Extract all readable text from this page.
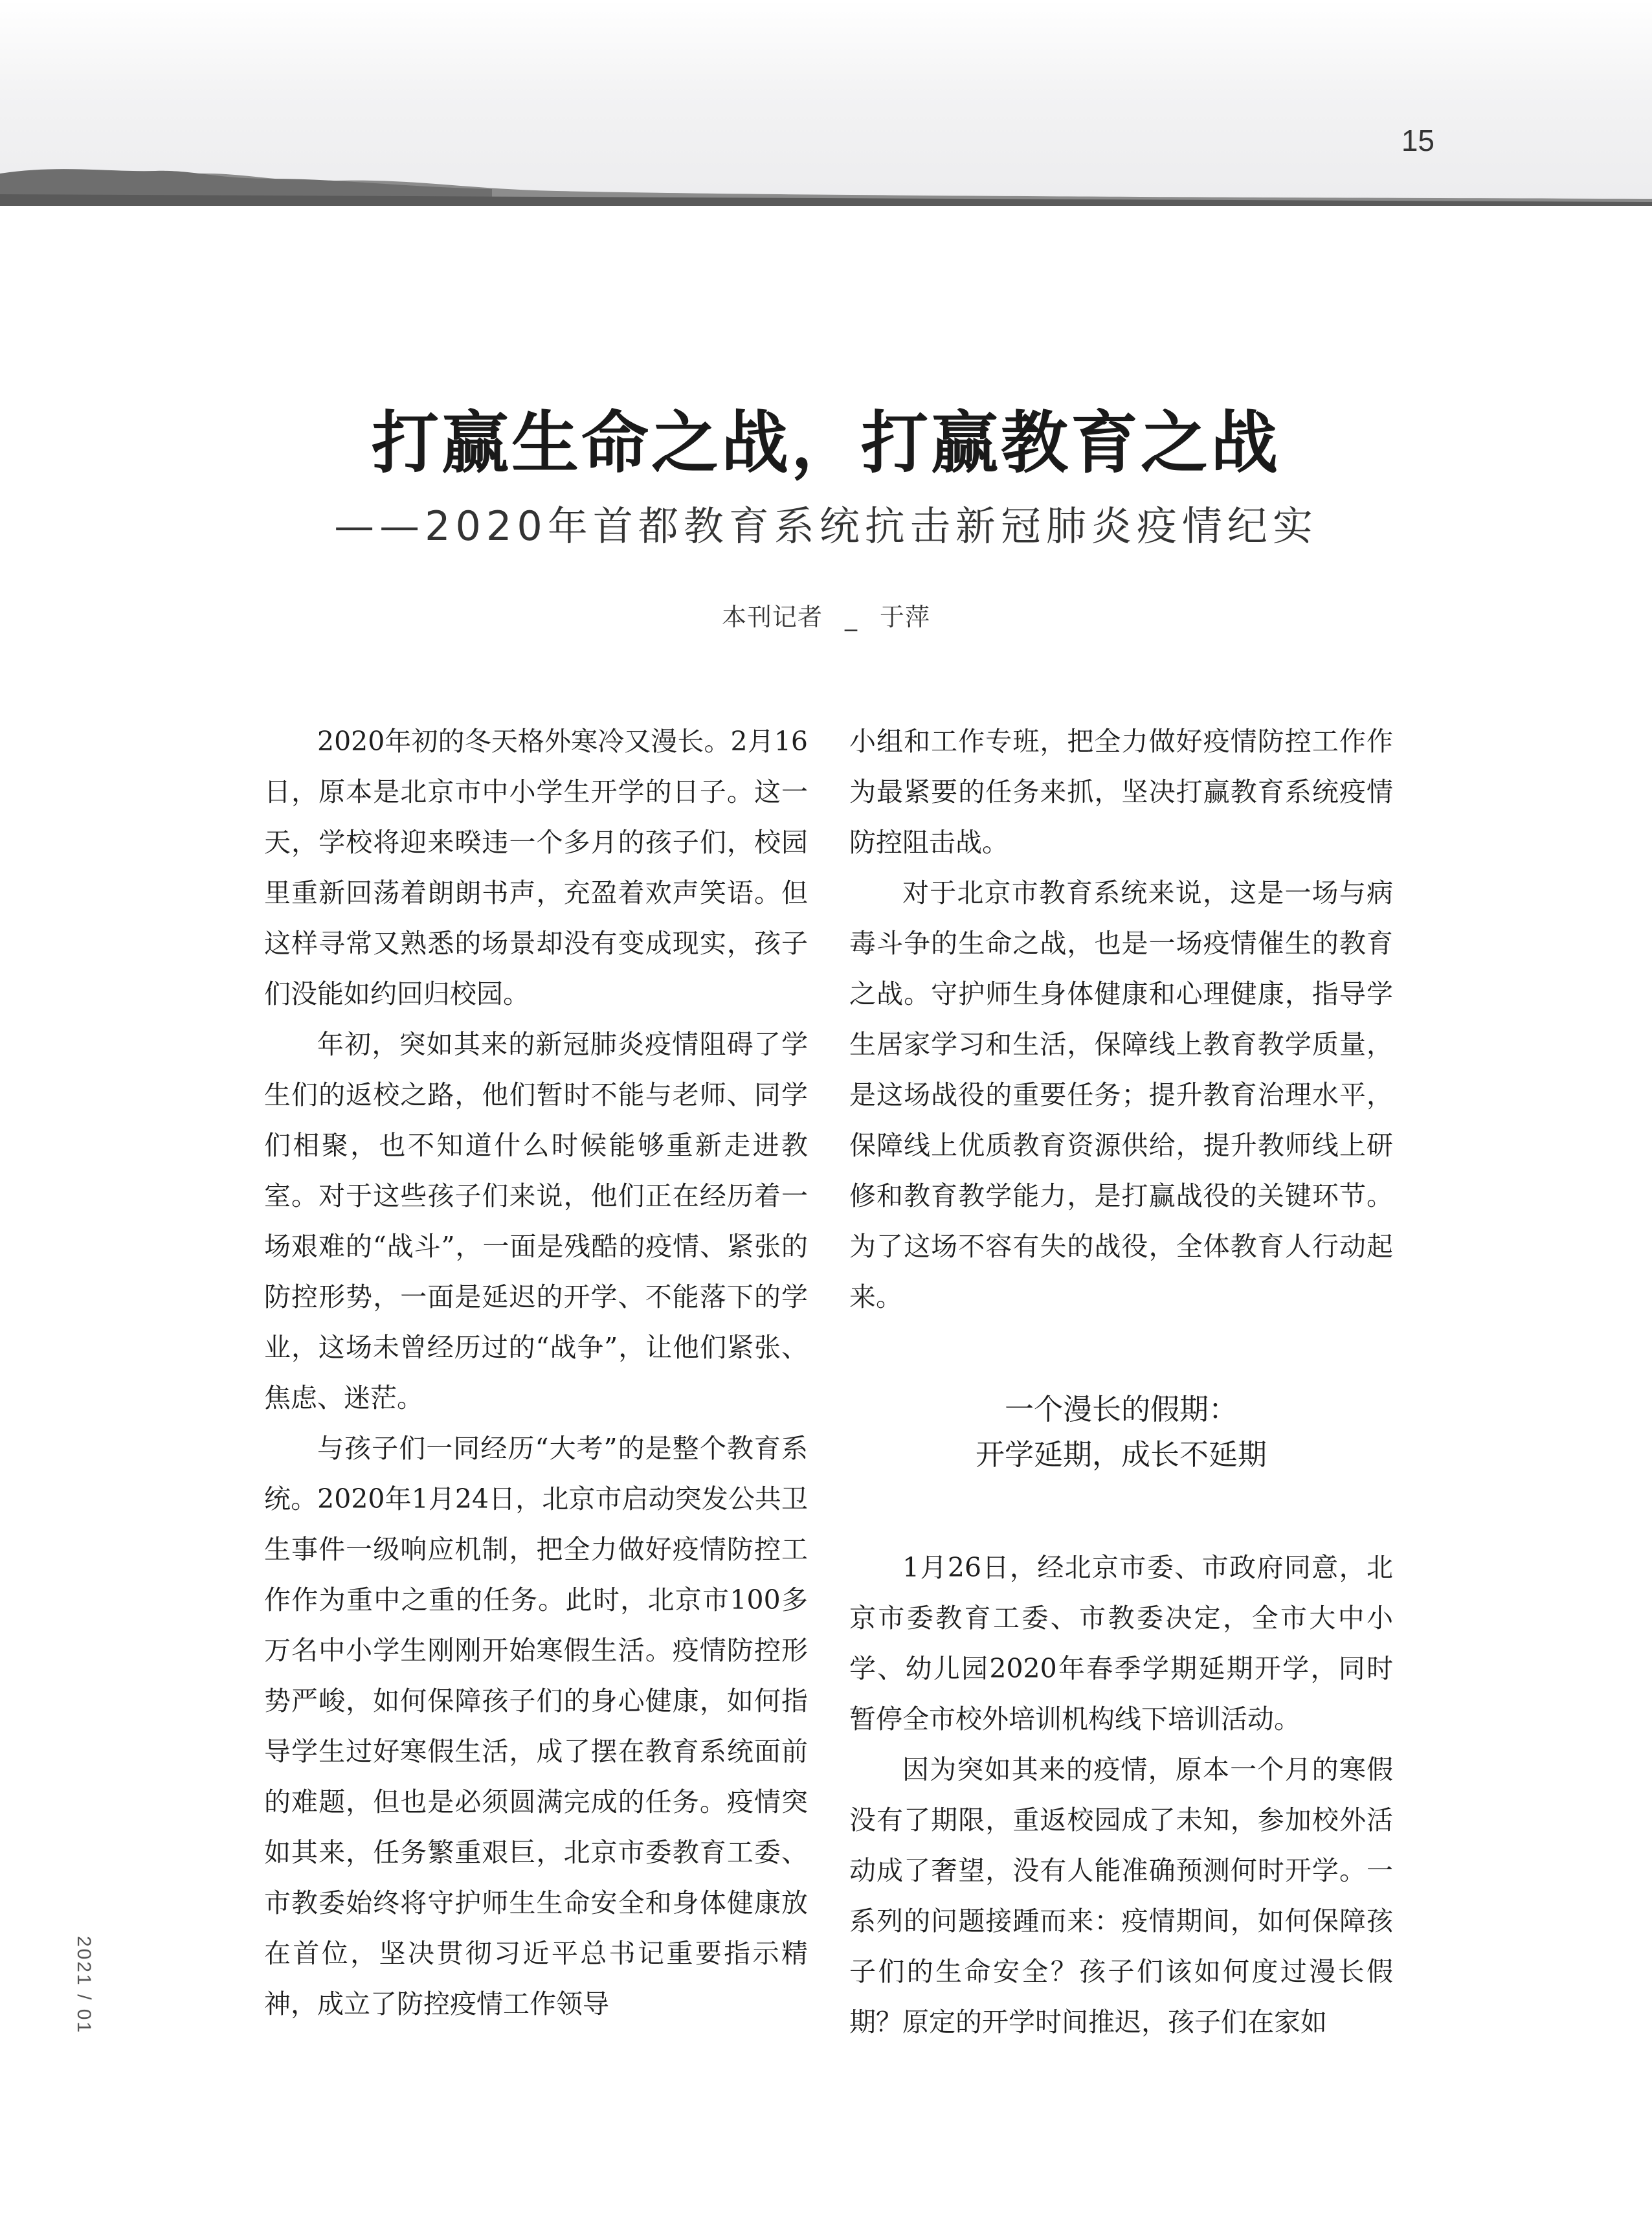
15
打赢生命之战，打赢教育之战
——2020年首都教育系统抗击新冠肺炎疫情纪实
本刊记者 _ 于萍

2020年初的冬天格外寒冷又漫长。2月16日，原本是北京市中小学生开学的日子。这一天，学校将迎来暌违一个多月的孩子们，校园里重新回荡着朗朗书声，充盈着欢声笑语。但这样寻常又熟悉的场景却没有变成现实，孩子们没能如约回归校园。

年初，突如其来的新冠肺炎疫情阻碍了学生们的返校之路，他们暂时不能与老师、同学们相聚，也不知道什么时候能够重新走进教室。对于这些孩子们来说，他们正在经历着一场艰难的“战斗”，一面是残酷的疫情、紧张的防控形势，一面是延迟的开学、不能落下的学业，这场未曾经历过的“战争”，让他们紧张、焦虑、迷茫。

与孩子们一同经历“大考”的是整个教育系统。2020年1月24日，北京市启动突发公共卫生事件一级响应机制，把全力做好疫情防控工作作为重中之重的任务。此时，北京市100多万名中小学生刚刚开始寒假生活。疫情防控形势严峻，如何保障孩子们的身心健康，如何指导学生过好寒假生活，成了摆在教育系统面前的难题，但也是必须圆满完成的任务。疫情突如其来，任务繁重艰巨，北京市委教育工委、市教委始终将守护师生生命安全和身体健康放在首位，坚决贯彻习近平总书记重要指示精神，成立了防控疫情工作领导

小组和工作专班，把全力做好疫情防控工作作为最紧要的任务来抓，坚决打赢教育系统疫情防控阻击战。

对于北京市教育系统来说，这是一场与病毒斗争的生命之战，也是一场疫情催生的教育之战。守护师生身体健康和心理健康，指导学生居家学习和生活，保障线上教育教学质量，是这场战役的重要任务；提升教育治理水平，保障线上优质教育资源供给，提升教师线上研修和教育教学能力，是打赢战役的关键环节。为了这场不容有失的战役，全体教育人行动起来。

一个漫长的假期：
开学延期，成长不延期

1月26日，经北京市委、市政府同意，北京市委教育工委、市教委决定，全市大中小学、幼儿园2020年春季学期延期开学，同时暂停全市校外培训机构线下培训活动。

因为突如其来的疫情，原本一个月的寒假没有了期限，重返校园成了未知，参加校外活动成了奢望，没有人能准确预测何时开学。一系列的问题接踵而来：疫情期间，如何保障孩子们的生命安全？孩子们该如何度过漫长假期？原定的开学时间推迟，孩子们在家如

2021 / 01
